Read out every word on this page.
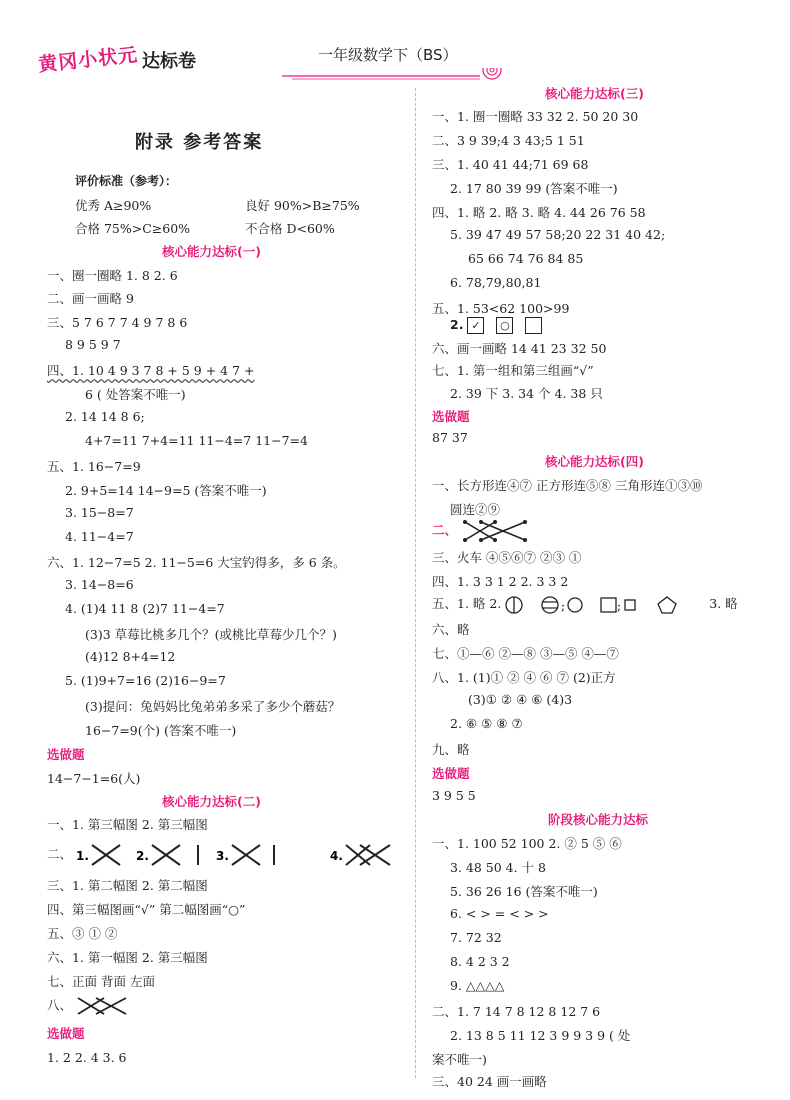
黄冈小状元 达标卷	一年级数学下（BS）
附录 参考答案
评价标准（参考）：
优秀 A≥90%	良好 90%>B≥75%
合格 75%>C≥60%	不合格 D<60%
核心能力达标(一)
一、圈一圈略 1. 8 2. 6
二、画一画略 9
三、5 7 6 7 7 4 9 7 8 6
8 9 5 9 7
四、1. 10 4 9 3 7 8 + 5 9 + 4 7 +
6 ( 处答案不唯一)
2. 14 14 8 6;
4+7=11 7+4=11 11−4=7 11−7=4
五、1. 16−7=9
2. 9+5=14 14−9=5 (答案不唯一)
3. 15−8=7
4. 11−4=7
六、1. 12−7=5 2. 11−5=6 大宝钓得多，多 6 条。
3. 14−8=6
4. (1)4 11 8 (2)7 11−4=7
(3)3 草莓比桃多几个？(或桃比草莓少几个？)
(4)12 8+4=12
5. (1)9+7=16 (2)16−9=7
(3)提问：兔妈妈比兔弟弟多采了多少个蘑菇？
16−7=9(个) (答案不唯一)
选做题
14−7−1=6(人)
核心能力达标(二)
一、1. 第三幅图 2. 第三幅图
二、 1.	2.	3.
	4.
三、1. 第二幅图 2. 第二幅图
四、第三幅图画“√” 第二幅图画“○”
五、③ ① ②
六、1. 第一幅图 2. 第三幅图
七、正面 背面 左面
八、
选做题
1. 2 2. 4 3. 6
核心能力达标(三)
一、1. 圈一圈略 33 32 2. 50 20 30
二、3 9 39;4 3 43;5 1 51
三、1. 40 41 44;71 69 68
2. 17 80 39 99 (答案不唯一)
四、1. 略 2. 略 3. 略 4. 44 26 76 58
5. 39 47 49 57 58;20 22 31 40 42;
65 66 74 76 84 85
6. 78,79,80,81
五、1. 53<62 100>99
2. ✓ ○
六、画一画略 14 41 23 32 50
七、1. 第一组和第三组画“√”
2. 39 下 3. 34 个 4. 38 只
选做题
87 37
核心能力达标(四)
一、长方形连④⑦ 正方形连⑤⑧ 三角形连①③⑩
圆连②⑨
二、
三、火车 ④⑤⑥⑦ ②③ ①
四、1. 3 3 1 2 2. 3 3 2
五、1. 略 2.	;	;	3. 略
六、略
七、①—⑥ ②—⑧ ③—⑤ ④—⑦
八、1. (1)① ② ④ ⑥ ⑦ (2)正方
(3)① ② ④ ⑥ (4)3
2. ⑥ ⑤ ⑧ ⑦
九、略
选做题
3 9 5 5
阶段核心能力达标
一、1. 100 52 100 2. ② 5 ⑤ ⑥
3. 48 50 4. 十 8
5. 36 26 16 (答案不唯一)
6. < > = < > >
7. 72 32
8. 4 2 3 2
9. △△△△
二、1. 7 14 7 8 12 8 12 7 6
2. 13 8 5 11 12 3 9 9 3 9 ( 处
案不唯一)
三、40 24 画一画略
